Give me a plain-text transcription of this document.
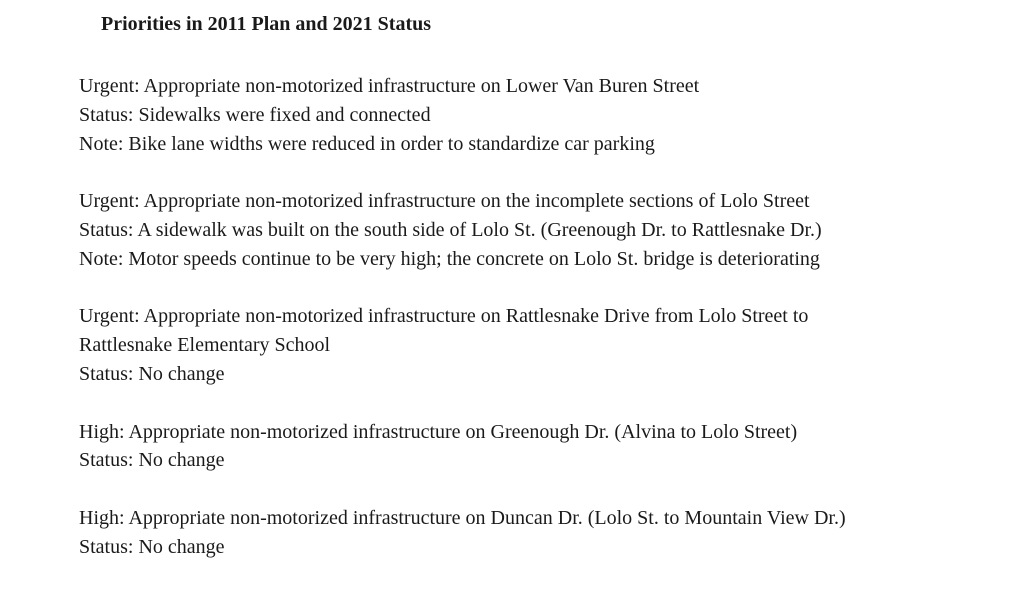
Priorities in 2011 Plan and 2021 Status
Urgent: Appropriate non-motorized infrastructure on Lower Van Buren Street
Status: Sidewalks were fixed and connected
Note: Bike lane widths were reduced in order to standardize car parking
Urgent: Appropriate non-motorized infrastructure on the incomplete sections of Lolo Street
Status: A sidewalk was built on the south side of Lolo St. (Greenough Dr. to Rattlesnake Dr.)
Note: Motor speeds continue to be very high; the concrete on Lolo St. bridge is deteriorating
Urgent: Appropriate non-motorized infrastructure on Rattlesnake Drive from Lolo Street to
Rattlesnake Elementary School
Status: No change
High: Appropriate non-motorized infrastructure on Greenough Dr. (Alvina to Lolo Street)
Status: No change
High: Appropriate non-motorized infrastructure on Duncan Dr. (Lolo St. to Mountain View Dr.)
Status: No change
